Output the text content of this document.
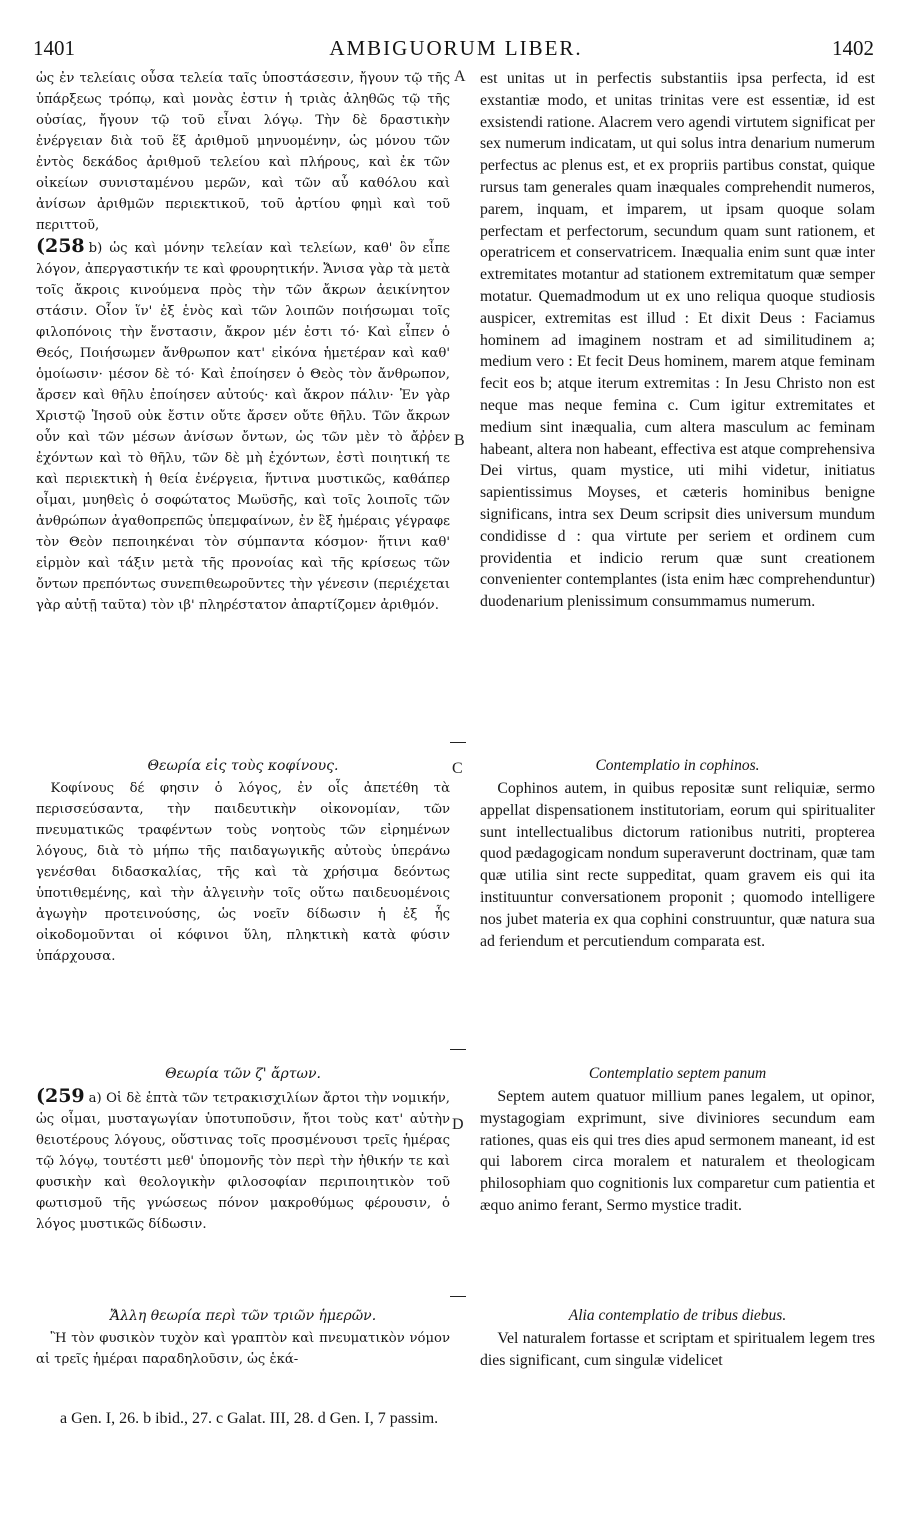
1401	AMBIGUORUM LIBER.	1402

ὡς ἐν τελείαις οὖσα τελεία ταῖς ὑποστάσεσιν, ἤγουν τῷ τῆς ὑπάρξεως τρόπῳ, καὶ μονὰς ἐστιν ἡ τριὰς ἀληθῶς τῷ τῆς οὐσίας, ἤγουν τῷ τοῦ εἶναι λόγῳ. Τὴν δὲ δραστικὴν ἐνέργειαν διὰ τοῦ ἕξ ἀριθμοῦ μηνυομένην, ὡς μόνου τῶν ἐντὸς δεκάδος ἀριθμοῦ τελείου καὶ πλήρους, καὶ ἐκ τῶν οἰκείων συνισταμένου μερῶν, καὶ τῶν αὖ καθόλου καὶ ἀνίσων ἀριθμῶν περιεκτικοῦ, τοῦ ἀρτίου φημὶ καὶ τοῦ περιττοῦ,

(258 b) ὡς καὶ μόνην τελείαν καὶ τελείων, καθ' ὃν εἶπε λόγον, ἀπεργαστικήν τε καὶ φρουρητικήν. Ἄνισα γὰρ τὰ μετὰ τοῖς ἄκροις κινούμενα πρὸς τὴν τῶν ἄκρων ἀεικίνητον στάσιν. Οἷον ἵν' ἐξ ἑνὸς καὶ τῶν λοιπῶν ποιήσωμαι τοῖς φιλοπόνοις τὴν ἔνστασιν, ἄκρον μέν ἐστι τό· Καὶ εἶπεν ὁ Θεός, Ποιήσωμεν ἄνθρωπον κατ' εἰκόνα ἡμετέραν καὶ καθ' ὁμοίωσιν· μέσον δὲ τό· Καὶ ἐποίησεν ὁ Θεὸς τὸν ἄνθρωπον, ἄρσεν καὶ θῆλυ ἐποίησεν αὐτούς· καὶ ἄκρον πάλιν· Ἐν γὰρ Χριστῷ Ἰησοῦ οὐκ ἔστιν οὔτε ἄρσεν οὔτε θῆλυ. Τῶν ἄκρων οὖν καὶ τῶν μέσων ἀνίσων ὄντων, ὡς τῶν μὲν τὸ ἄῤῥεν ἐχόντων καὶ τὸ θῆλυ, τῶν δὲ μὴ ἐχόντων, ἐστὶ ποιητική τε καὶ περιεκτικὴ ἡ θεία ἐνέργεια, ἥντινα μυστικῶς, καθάπερ οἶμαι, μυηθεὶς ὁ σοφώτατος Μωϋσῆς, καὶ τοῖς λοιποῖς τῶν ἀνθρώπων ἀγαθοπρεπῶς ὑπεμφαίνων, ἐν ἓξ ἡμέραις γέγραφε τὸν Θεὸν πεποιηκέναι τὸν σύμπαντα κόσμον· ἥτινι καθ' εἱρμὸν καὶ τάξιν μετὰ τῆς προνοίας καὶ τῆς κρίσεως τῶν ὄντων πρεπόντως συνεπιθεωροῦντες τὴν γένεσιν (περιέχεται γὰρ αὐτῇ ταῦτα) τὸν ιβ' πληρέστατον ἀπαρτίζομεν ἀριθμόν.

est unitas ut in perfectis substantiis ipsa perfecta, id est exstantiæ modo, et unitas trinitas vere est essentiæ, id est exsistendi ratione. Alacrem vero agendi virtutem significat per sex numerum indicatam, ut qui solus intra denarium numerum perfectus ac plenus est, et ex propriis partibus constat, quique rursus tam generales quam inæquales comprehendit numeros, parem, inquam, et imparem, ut ipsam quoque solam perfectam et perfectorum, secundum quam sunt rationem, et operatricem et conservatricem. Inæqualia enim sunt quæ inter extremitates motantur ad stationem extremitatum quæ semper motatur. Quemadmodum ut ex uno reliqua quoque studiosis auspicer, extremitas est illud : Et dixit Deus : Faciamus hominem ad imaginem nostram et ad similitudinem a; medium vero : Et fecit Deus hominem, marem atque feminam fecit eos b; atque iterum extremitas : In Jesu Christo non est neque mas neque femina c. Cum igitur extremitates et medium sint inæqualia, cum altera masculum ac feminam habeant, altera non habeant, effectiva est atque comprehensiva Dei virtus, quam mystice, uti mihi videtur, initiatus sapientissimus Moyses, et cæteris hominibus benigne significans, intra sex Deum scripsit dies universum mundum condidisse d : qua virtute per seriem et ordinem cum providentia et indicio rerum quæ sunt creationem convenienter contemplantes (ista enim hæc comprehenduntur) duodenarium plenissimum consummamus numerum.

A
B
C
D

Θεωρία εἰς τοὺς κοφίνους.

Κοφίνους δέ φησιν ὁ λόγος, ἐν οἷς ἀπετέθη τὰ περισσεύσαντα, τὴν παιδευτικὴν οἰκονομίαν, τῶν πνευματικῶς τραφέντων τοὺς νοητοὺς τῶν εἰρημένων λόγους, διὰ τὸ μήπω τῆς παιδαγωγικῆς αὐτοὺς ὑπεράνω γενέσθαι διδασκαλίας, τῆς καὶ τὰ χρήσιμα δεόντως ὑποτιθεμένης, καὶ τὴν ἀλγεινὴν τοῖς οὕτω παιδευομένοις ἀγωγὴν προτεινούσης, ὡς νοεῖν δίδωσιν ἡ ἐξ ἧς οἰκοδομοῦνται οἱ κόφινοι ὕλη, πληκτικὴ κατὰ φύσιν ὑπάρχουσα.

Contemplatio in cophinos.

Cophinos autem, in quibus repositæ sunt reliquiæ, sermo appellat dispensationem institutoriam, eorum qui spiritualiter sunt intellectualibus dictorum rationibus nutriti, propterea quod pædagogicam nondum superaverunt doctrinam, quæ tam quæ utilia sint recte suppeditat, quam gravem eis qui ita instituuntur conversationem proponit ; quomodo intelligere nos jubet materia ex qua cophini construuntur, quæ natura sua ad feriendum et percutiendum comparata est.

Θεωρία τῶν ζ' ἄρτων.

(259 a) Οἱ δὲ ἑπτὰ τῶν τετρακισχιλίων ἄρτοι τὴν νομικήν, ὡς οἶμαι, μυσταγωγίαν ὑποτυποῦσιν, ἤτοι τοὺς κατ' αὐτὴν θειοτέρους λόγους, οὕστινας τοῖς προσμένουσι τρεῖς ἡμέρας τῷ λόγῳ, τουτέστι μεθ' ὑπομονῆς τὸν περὶ τὴν ἠθικήν τε καὶ φυσικὴν καὶ θεολογικὴν φιλοσοφίαν περιποιητικὸν τοῦ φωτισμοῦ τῆς γνώσεως πόνον μακροθύμως φέρουσιν, ὁ λόγος μυστικῶς δίδωσιν.

Contemplatio septem panum

Septem autem quatuor millium panes legalem, ut opinor, mystagogiam exprimunt, sive diviniores secundum eam rationes, quas eis qui tres dies apud sermonem maneant, id est qui laborem circa moralem et naturalem et theologicam philosophiam quo cognitionis lux comparetur cum patientia et æquo animo ferant, Sermo mystice tradit.

Ἄλλη θεωρία περὶ τῶν τριῶν ἡμερῶν.

Ἢ τὸν φυσικὸν τυχὸν καὶ γραπτὸν καὶ πνευματικὸν νόμον αἱ τρεῖς ἡμέραι παραδηλοῦσιν, ὡς ἑκά-

Alia contemplatio de tribus diebus.

Vel naturalem fortasse et scriptam et spiritualem legem tres dies significant, cum singulæ videlicet

a Gen. I, 26. b ibid., 27. c Galat. III, 28. d Gen. I, 7 passim.
